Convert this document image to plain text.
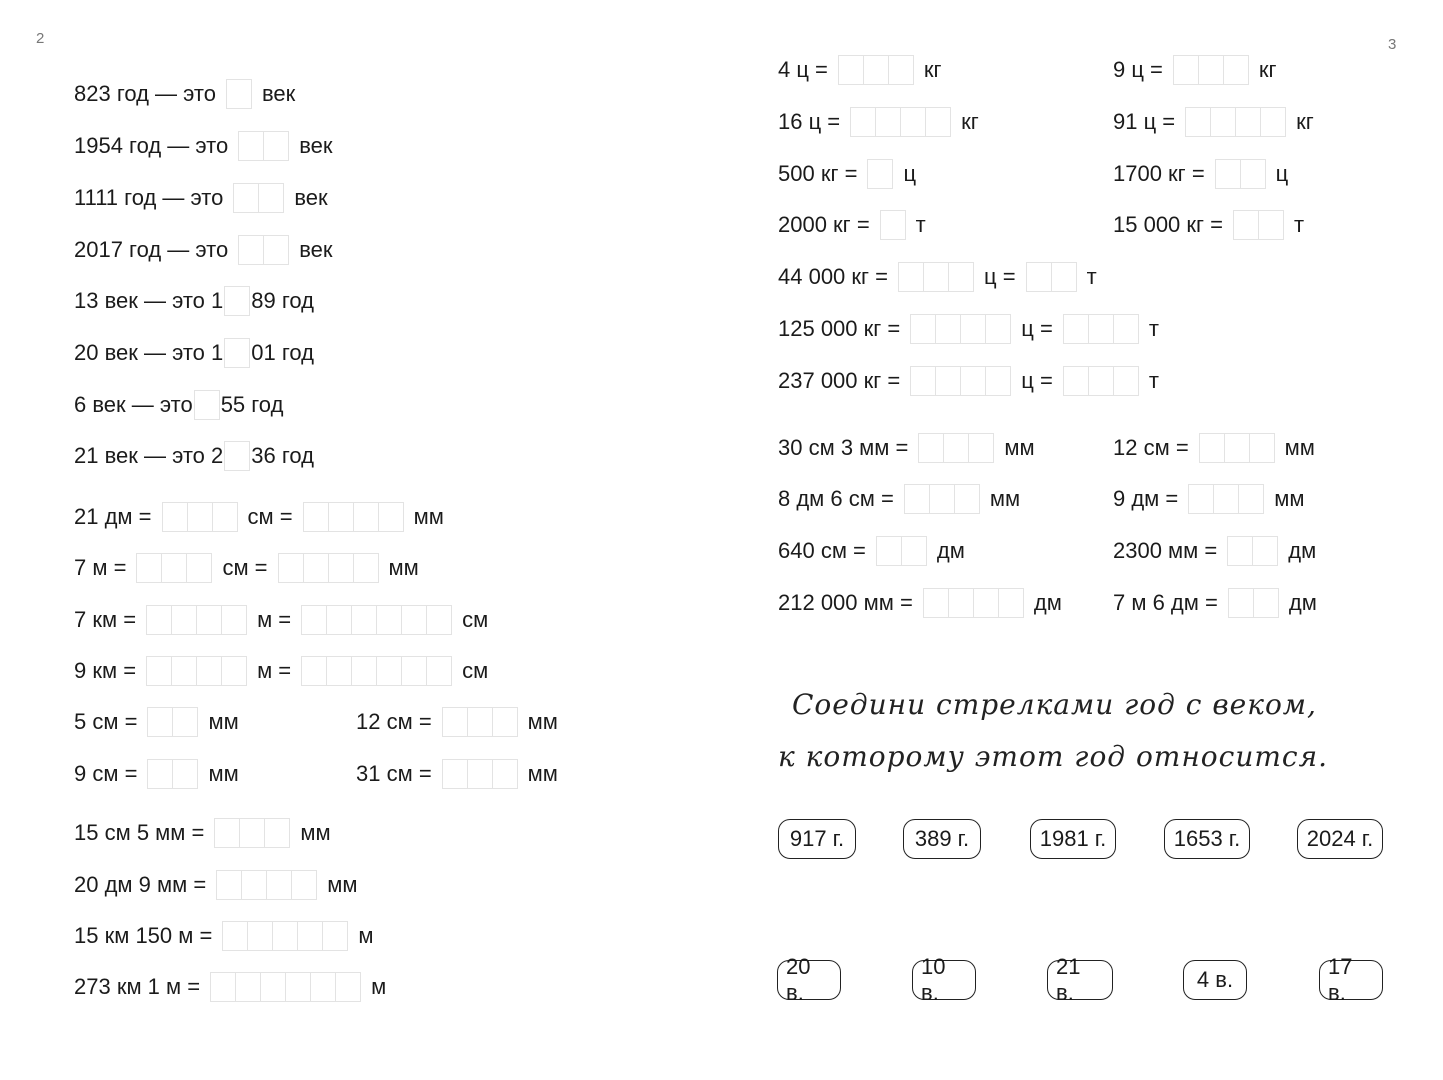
2	3
823 год — это век
1954 год — это	век
1111 год — это	век
2017 год — это	век
13 век — это 1 89 год
20 век — это 1 01 год
6 век — это 55 год
21 век — это 2 36 год
21 дм =	см =	мм
7 м =	см =	мм
7 км =	м =	см
9 км =	м =	см
5 см =	мм	12 см =	мм
9 см =	мм	31 см =	мм
15 см 5 мм =	мм
20 дм 9 мм =	мм
15 км 150 м =	м
273 км 1 м =	м
4 ц =	кг	9 ц =	кг
16 ц =	кг	91 ц =	кг
500 кг = ц	1700 кг =	ц
2000 кг = т	15 000 кг =	т
44 000 кг =	ц =	т
125 000 кг =	ц =	т
237 000 кг =	ц =	т
30 см 3 мм =	мм	12 см =	мм
8 дм 6 см =	мм	9 дм =	мм
640 см =	дм	2300 мм =	дм
212 000 мм =	дм 7 м 6 дм =	дм
Соедини стрелками год с веком,
к которому этот год относится.
917 г.	389 г.	1981 г.	1653 г.	2024 г.
20 в.
10 в.
21 в.
4 в.
17 в.
